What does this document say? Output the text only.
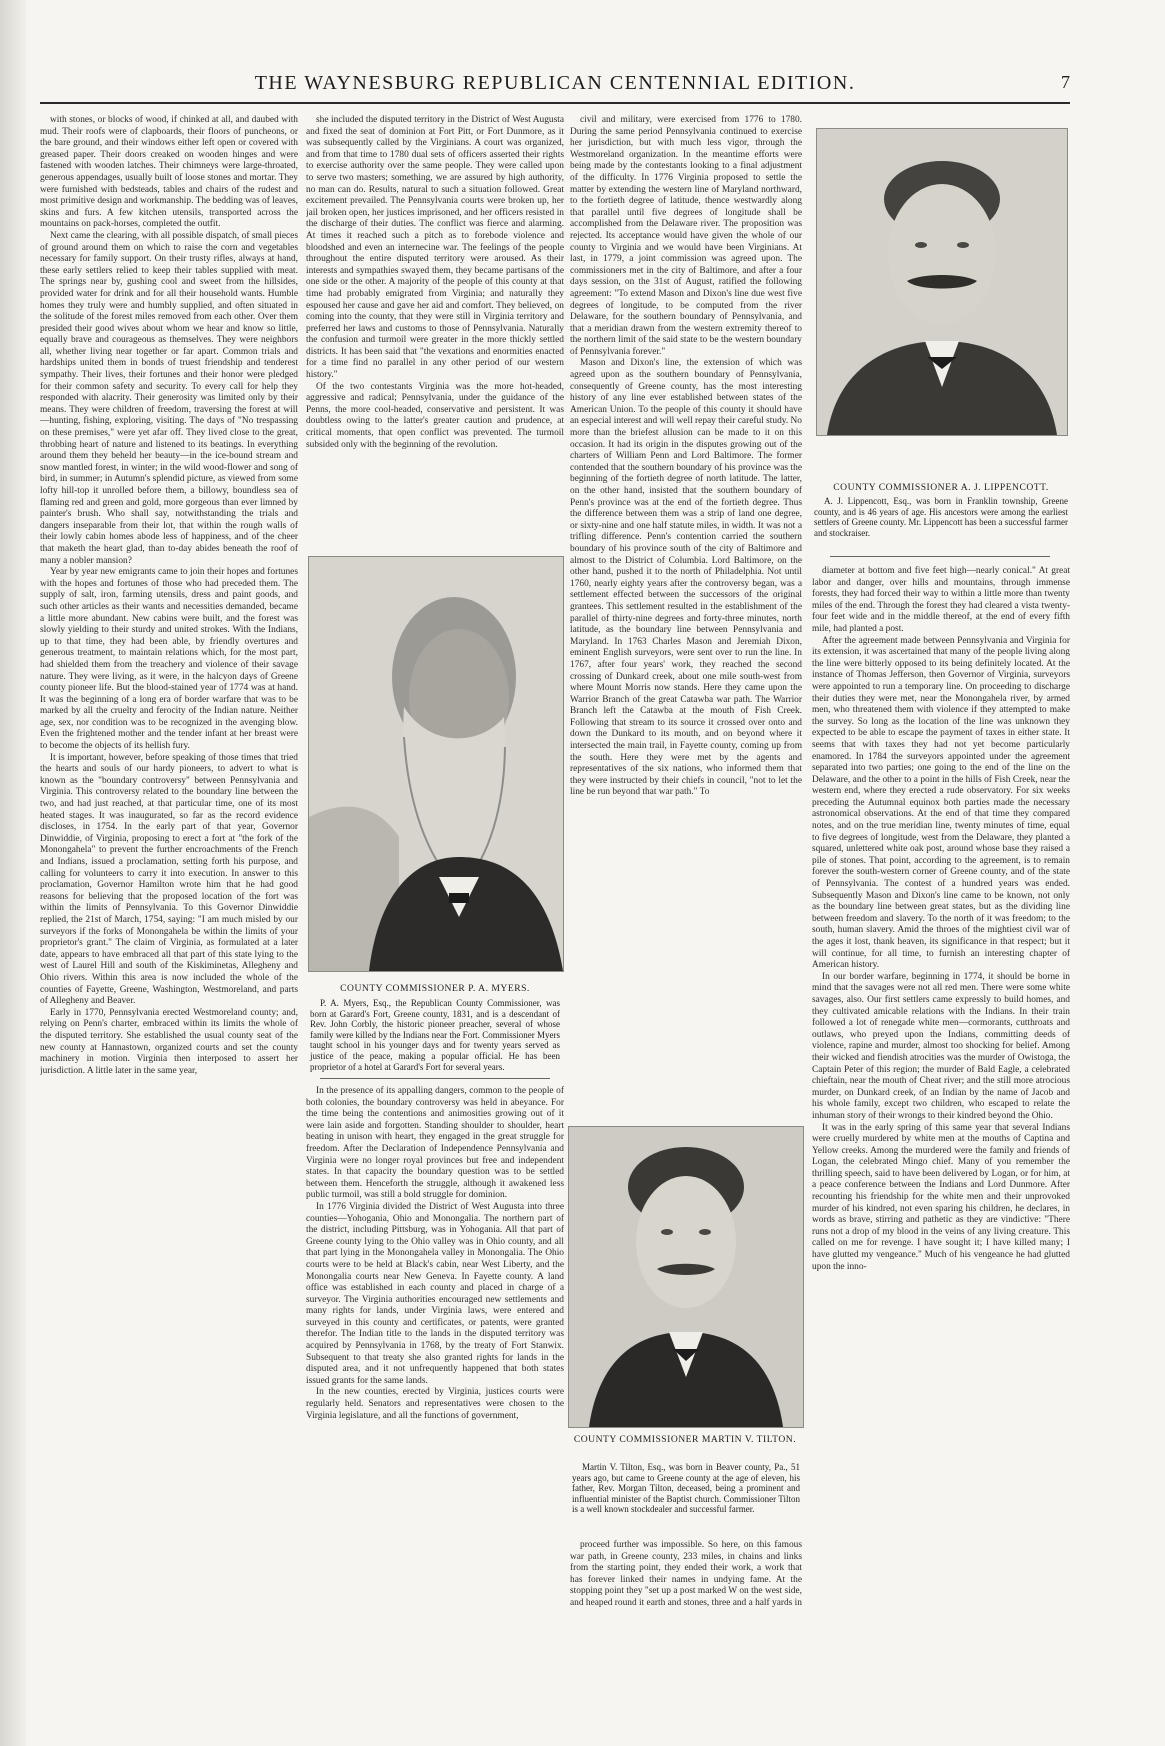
THE WAYNESBURG REPUBLICAN CENTENNIAL EDITION.	7

with stones, or blocks of wood, if chinked at all, and daubed with mud. Their roofs were of clapboards, their floors of puncheons, or the bare ground, and their windows either left open or covered with greased paper. Their doors creaked on wooden hinges and were fastened with wooden latches. Their chimneys were large-throated, generous appendages, usually built of loose stones and mortar. They were furnished with bedsteads, tables and chairs of the rudest and most primitive design and workmanship. The bedding was of leaves, skins and furs. A few kitchen utensils, transported across the mountains on pack-horses, completed the outfit.

Next came the clearing, with all possible dispatch, of small pieces of ground around them on which to raise the corn and vegetables necessary for family support. On their trusty rifles, always at hand, these early settlers relied to keep their tables supplied with meat. The springs near by, gushing cool and sweet from the hillsides, provided water for drink and for all their household wants. Humble homes they truly were and humbly supplied, and often situated in the solitude of the forest miles removed from each other. Over them presided their good wives about whom we hear and know so little, equally brave and courageous as themselves. They were neighbors all, whether living near together or far apart. Common trials and hardships united them in bonds of truest friendship and tenderest sympathy. Their lives, their fortunes and their honor were pledged for their common safety and security. To every call for help they responded with alacrity. Their generosity was limited only by their means. They were children of freedom, traversing the forest at will—hunting, fishing, exploring, visiting. The days of "No trespassing on these premises," were yet afar off. They lived close to the great, throbbing heart of nature and listened to its beatings. In everything around them they beheld her beauty—in the ice-bound stream and snow mantled forest, in winter; in the wild wood-flower and song of bird, in summer; in Autumn's splendid picture, as viewed from some lofty hill-top it unrolled before them, a billowy, boundless sea of flaming red and green and gold, more gorgeous than ever limned by painter's brush. Who shall say, notwithstanding the trials and dangers inseparable from their lot, that within the rough walls of their lowly cabin homes abode less of happiness, and of the cheer that maketh the heart glad, than to-day abides beneath the roof of many a nobler mansion?

Year by year new emigrants came to join their hopes and fortunes with the hopes and fortunes of those who had preceded them. The supply of salt, iron, farming utensils, dress and paint goods, and such other articles as their wants and necessities demanded, became a little more abundant. New cabins were built, and the forest was slowly yielding to their sturdy and united strokes. With the Indians, up to that time, they had been able, by friendly overtures and generous treatment, to maintain relations which, for the most part, had shielded them from the treachery and violence of their savage nature. They were living, as it were, in the halcyon days of Greene county pioneer life. But the blood-stained year of 1774 was at hand. It was the beginning of a long era of border warfare that was to be marked by all the cruelty and ferocity of the Indian nature. Neither age, sex, nor condition was to be recognized in the avenging blow. Even the frightened mother and the tender infant at her breast were to become the objects of its hellish fury.

It is important, however, before speaking of those times that tried the hearts and souls of our hardy pioneers, to advert to what is known as the "boundary controversy" between Pennsylvania and Virginia. This controversy related to the boundary line between the two, and had just reached, at that particular time, one of its most heated stages. It was inaugurated, so far as the record evidence discloses, in 1754. In the early part of that year, Governor Dinwiddie, of Virginia, proposing to erect a fort at "the fork of the Monongahela" to prevent the further encroachments of the French and Indians, issued a proclamation, setting forth his purpose, and calling for volunteers to carry it into execution. In answer to this proclamation, Governor Hamilton wrote him that he had good reasons for believing that the proposed location of the fort was within the limits of Pennsylvania. To this Governor Dinwiddie replied, the 21st of March, 1754, saying: "I am much misled by our surveyors if the forks of Monongahela be within the limits of your proprietor's grant." The claim of Virginia, as formulated at a later date, appears to have embraced all that part of this state lying to the west of Laurel Hill and south of the Kiskiminetas, Allegheny and Ohio rivers. Within this area is now included the whole of the counties of Fayette, Greene, Washington, Westmoreland, and parts of Allegheny and Beaver.

Early in 1770, Pennsylvania erected Westmoreland county; and, relying on Penn's charter, embraced within its limits the whole of the disputed territory. She established the usual county seat of the new county at Hannastown, organized courts and set the county machinery in motion. Virginia then interposed to assert her jurisdiction. A little later in the same year,

she included the disputed territory in the District of West Augusta and fixed the seat of dominion at Fort Pitt, or Fort Dunmore, as it was subsequently called by the Virginians. A court was organized, and from that time to 1780 dual sets of officers asserted their rights to exercise authority over the same people. They were called upon to serve two masters; something, we are assured by high authority, no man can do. Results, natural to such a situation followed. Great excitement prevailed. The Pennsylvania courts were broken up, her jail broken open, her justices imprisoned, and her officers resisted in the discharge of their duties. The conflict was fierce and alarming. At times it reached such a pitch as to forebode violence and bloodshed and even an internecine war. The feelings of the people throughout the entire disputed territory were aroused. As their interests and sympathies swayed them, they became partisans of the one side or the other. A majority of the people of this county at that time had probably emigrated from Virginia; and naturally they espoused her cause and gave her aid and comfort. They believed, on coming into the county, that they were still in Virginia territory and preferred her laws and customs to those of Pennsylvania. Naturally the confusion and turmoil were greater in the more thickly settled districts. It has been said that "the vexations and enormities enacted for a time find no parallel in any other period of our western history."

Of the two contestants Virginia was the more hot-headed, aggressive and radical; Pennsylvania, under the guidance of the Penns, the more cool-headed, conservative and persistent. It was doubtless owing to the latter's greater caution and prudence, at critical moments, that open conflict was prevented. The turmoil subsided only with the beginning of the revolution.

COUNTY COMMISSIONER P. A. MYERS.
P. A. Myers, Esq., the Republican County Commissioner, was born at Garard's Fort, Greene county, 1831, and is a descendant of Rev. John Corbly, the historic pioneer preacher, several of whose family were killed by the Indians near the Fort. Commissioner Myers taught school in his younger days and for twenty years served as justice of the peace, making a popular official. He has been proprietor of a hotel at Garard's Fort for several years.

In the presence of its appalling dangers, common to the people of both colonies, the boundary controversy was held in abeyance. For the time being the contentions and animosities growing out of it were lain aside and forgotten. Standing shoulder to shoulder, heart beating in unison with heart, they engaged in the great struggle for freedom. After the Declaration of Independence Pennsylvania and Virginia were no longer royal provinces but free and independent states. In that capacity the boundary question was to be settled between them. Henceforth the struggle, although it awakened less public turmoil, was still a bold struggle for dominion.

In 1776 Virginia divided the District of West Augusta into three counties—Yohogania, Ohio and Monongalia. The northern part of the district, including Pittsburg, was in Yohogania. All that part of Greene county lying to the Ohio valley was in Ohio county, and all that part lying in the Monongahela valley in Monongalia. The Ohio courts were to be held at Black's cabin, near West Liberty, and the Monongalia courts near New Geneva. In Fayette county. A land office was established in each county and placed in charge of a surveyor. The Virginia authorities encouraged new settlements and many rights for lands, under Virginia laws, were entered and surveyed in this county and certificates, or patents, were granted therefor. The Indian title to the lands in the disputed territory was acquired by Pennsylvania in 1768, by the treaty of Fort Stanwix. Subsequent to that treaty she also granted rights for lands in the disputed area, and it not unfrequently happened that both states issued grants for the same lands.

In the new counties, erected by Virginia, justices courts were regularly held. Senators and representatives were chosen to the Virginia legislature, and all the functions of government,

civil and military, were exercised from 1776 to 1780. During the same period Pennsylvania continued to exercise her jurisdiction, but with much less vigor, through the Westmoreland organization. In the meantime efforts were being made by the contestants looking to a final adjustment of the difficulty. In 1776 Virginia proposed to settle the matter by extending the western line of Maryland northward, to the fortieth degree of latitude, thence westwardly along that parallel until five degrees of longitude shall be accomplished from the Delaware river. The proposition was rejected. Its acceptance would have given the whole of our county to Virginia and we would have been Virginians. At last, in 1779, a joint commission was agreed upon. The commissioners met in the city of Baltimore, and after a four days session, on the 31st of August, ratified the following agreement: "To extend Mason and Dixon's line due west five degrees of longitude, to be computed from the river Delaware, for the southern boundary of Pennsylvania, and that a meridian drawn from the western extremity thereof to the northern limit of the said state to be the western boundary of Pennsylvania forever."

Mason and Dixon's line, the extension of which was agreed upon as the southern boundary of Pennsylvania, consequently of Greene county, has the most interesting history of any line ever established between states of the American Union. To the people of this county it should have an especial interest and will well repay their careful study. No more than the briefest allusion can be made to it on this occasion. It had its origin in the disputes growing out of the charters of William Penn and Lord Baltimore. The former contended that the southern boundary of his province was the beginning of the fortieth degree of north latitude. The latter, on the other hand, insisted that the southern boundary of Penn's province was at the end of the fortieth degree. Thus the difference between them was a strip of land one degree, or sixty-nine and one half statute miles, in width. It was not a trifling difference. Penn's contention carried the southern boundary of his province south of the city of Baltimore and almost to the District of Columbia. Lord Baltimore, on the other hand, pushed it to the north of Philadelphia. Not until 1760, nearly eighty years after the controversy began, was a settlement effected between the successors of the original grantees. This settlement resulted in the establishment of the parallel of thirty-nine degrees and forty-three minutes, north latitude, as the boundary line between Pennsylvania and Maryland. In 1763 Charles Mason and Jeremiah Dixon, eminent English surveyors, were sent over to run the line. In 1767, after four years' work, they reached the second crossing of Dunkard creek, about one mile south-west from where Mount Morris now stands. Here they came upon the Warrior Branch of the great Catawba war path. The Warrior Branch left the Catawba at the mouth of Fish Creek. Following that stream to its source it crossed over onto and down the Dunkard to its mouth, and on beyond where it intersected the main trail, in Fayette county, coming up from the south. Here they were met by the agents and representatives of the six nations, who informed them that they were instructed by their chiefs in council, "not to let the line be run beyond that war path." To

COUNTY COMMISSIONER MARTIN V. TILTON.
Martin V. Tilton, Esq., was born in Beaver county, Pa., 51 years ago, but came to Greene county at the age of eleven, his father, Rev. Morgan Tilton, deceased, being a prominent and influential minister of the Baptist church. Commissioner Tilton is a well known stockdealer and successful farmer.

proceed further was impossible. So here, on this famous war path, in Greene county, 233 miles, in chains and links from the starting point, they ended their work, a work that has forever linked their names in undying fame. At the stopping point they "set up a post marked W on the west side, and heaped round it earth and stones, three and a half yards in

COUNTY COMMISSIONER A. J. LIPPENCOTT.
A. J. Lippencott, Esq., was born in Franklin township, Greene county, and is 46 years of age. His ancestors were among the earliest settlers of Greene county. Mr. Lippencott has been a successful farmer and stockraiser.

diameter at bottom and five feet high—nearly conical." At great labor and danger, over hills and mountains, through immense forests, they had forced their way to within a little more than twenty miles of the end. Through the forest they had cleared a vista twenty-four feet wide and in the middle thereof, at the end of every fifth mile, had planted a post.

After the agreement made between Pennsylvania and Virginia for its extension, it was ascertained that many of the people living along the line were bitterly opposed to its being definitely located. At the instance of Thomas Jefferson, then Governor of Virginia, surveyors were appointed to run a temporary line. On proceeding to discharge their duties they were met, near the Monongahela river, by armed men, who threatened them with violence if they attempted to make the survey. So long as the location of the line was unknown they expected to be able to escape the payment of taxes in either state. It seems that with taxes they had not yet become particularly enamored. In 1784 the surveyors appointed under the agreement separated into two parties; one going to the end of the line on the Delaware, and the other to a point in the hills of Fish Creek, near the western end, where they erected a rude observatory. For six weeks preceding the Autumnal equinox both parties made the necessary astronomical observations. At the end of that time they compared notes, and on the true meridian line, twenty minutes of time, equal to five degrees of longitude, west from the Delaware, they planted a squared, unlettered white oak post, around whose base they raised a pile of stones. That point, according to the agreement, is to remain forever the south-western corner of Greene county, and of the state of Pennsylvania. The contest of a hundred years was ended. Subsequently Mason and Dixon's line came to be known, not only as the boundary line between great states, but as the dividing line between freedom and slavery. To the north of it was freedom; to the south, human slavery. Amid the throes of the mightiest civil war of the ages it lost, thank heaven, its significance in that respect; but it will continue, for all time, to furnish an interesting chapter of American history.

In our border warfare, beginning in 1774, it should be borne in mind that the savages were not all red men. There were some white savages, also. Our first settlers came expressly to build homes, and they cultivated amicable relations with the Indians. In their train followed a lot of renegade white men—cormorants, cutthroats and outlaws, who preyed upon the Indians, committing deeds of violence, rapine and murder, almost too shocking for belief. Among their wicked and fiendish atrocities was the murder of Owistoga, the Captain Peter of this region; the murder of Bald Eagle, a celebrated chieftain, near the mouth of Cheat river; and the still more atrocious murder, on Dunkard creek, of an Indian by the name of Jacob and his whole family, except two children, who escaped to relate the inhuman story of their wrongs to their kindred beyond the Ohio.

It was in the early spring of this same year that several Indians were cruelly murdered by white men at the mouths of Captina and Yellow creeks. Among the murdered were the family and friends of Logan, the celebrated Mingo chief. Many of you remember the thrilling speech, said to have been delivered by Logan, or for him, at a peace conference between the Indians and Lord Dunmore. After recounting his friendship for the white men and their unprovoked murder of his kindred, not even sparing his children, he declares, in words as brave, stirring and pathetic as they are vindictive: "There runs not a drop of my blood in the veins of any living creature. This called on me for revenge. I have sought it; I have killed many; I have glutted my vengeance." Much of his vengeance he had glutted upon the inno-
